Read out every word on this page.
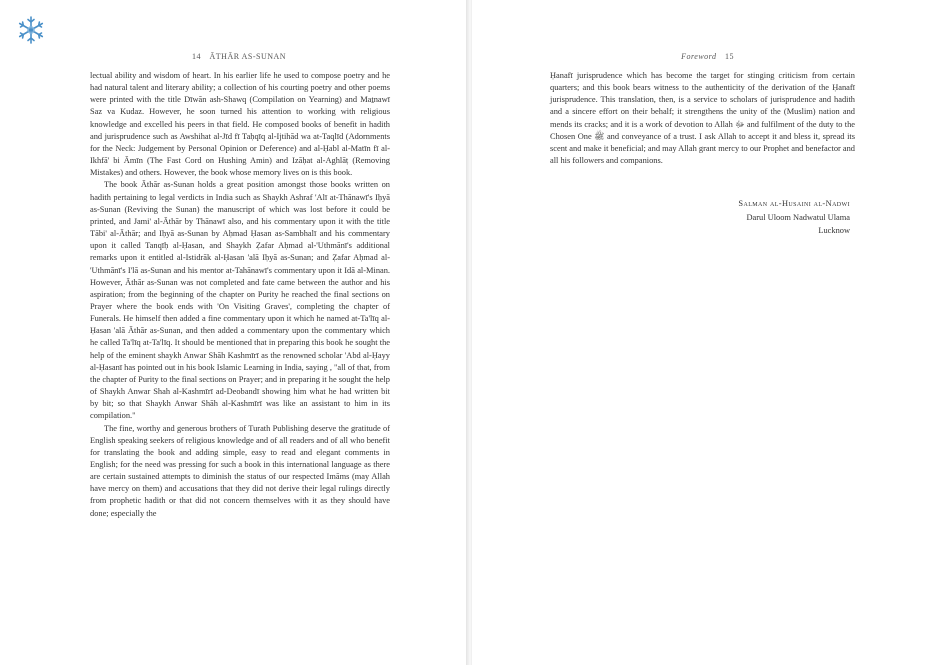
14 ĀTHĀR AS-SUNAN

lectual ability and wisdom of heart. In his earlier life he used to compose poetry and he had natural talent and literary ability; a collection of his courting poetry and other poems were printed with the title Dīwān ash-Shawq (Compilation on Yearning) and Maṯnawī Saz va Kudaz. However, he soon turned his attention to working with religious knowledge and excelled his peers in that field. He composed books of benefit in hadith and jurisprudence such as Awshihat al-Jīd fī Taḥqīq al-Ijtihād wa at-Taqlīd (Adornments for the Neck: Judgement by Personal Opinion or Deference) and al-Ḥabl al-Matīn fī al-Ikhfā' bi Āmīn (The Fast Cord on Hushing Amin) and Izāḥat al-Aghlāṭ (Removing Mistakes) and others. However, the book whose memory lives on is this book.

The book Āthār as-Sunan holds a great position amongst those books written on hadith pertaining to legal verdicts in India such as Shaykh Ashraf 'Alī at-Thānawī's Iḥyā as-Sunan (Reviving the Sunan) the manuscript of which was lost before it could be printed, and Jami' al-Āthār by Thānawī also, and his commentary upon it with the title Tābi' al-Āthār; and Iḥyā as-Sunan by Aḥmad Ḥasan as-Sambhalī and his commentary upon it called Tanqīḥ al-Ḥasan, and Shaykh Ẓafar Aḥmad al-'Uthmānī's additional remarks upon it entitled al-Istidrāk al-Ḥasan 'alā Iḥyā as-Sunan; and Ẓafar Aḥmad al-'Uthmānī's I'lā as-Sunan and his mentor at-Tahānawī's commentary upon it Idā al-Minan. However, Āthār as-Sunan was not completed and fate came between the author and his aspiration; from the beginning of the chapter on Purity he reached the final sections on Prayer where the book ends with 'On Visiting Graves', completing the chapter of Funerals. He himself then added a fine commentary upon it which he named at-Ta'līq al-Ḥasan 'alā Āthār as-Sunan, and then added a commentary upon the commentary which he called Ta'līq at-Ta'līq. It should be mentioned that in preparing this book he sought the help of the eminent shaykh Anwar Shāh Kashmīrī as the renowned scholar 'Abd al-Ḥayy al-Ḥasanī has pointed out in his book Islamic Learning in India, saying , "all of that, from the chapter of Purity to the final sections on Prayer; and in preparing it he sought the help of Shaykh Anwar Shah al-Kashmīrī ad-Deobandī showing him what he had written bit by bit; so that Shaykh Anwar Shāh al-Kashmīrī was like an assistant to him in its compilation."

The fine, worthy and generous brothers of Turath Publishing deserve the gratitude of English speaking seekers of religious knowledge and of all readers and of all who benefit for translating the book and adding simple, easy to read and elegant comments in English; for the need was pressing for such a book in this international language as there are certain sustained attempts to diminish the status of our respected Imāms (may Allah have mercy on them) and accusations that they did not derive their legal rulings directly from prophetic hadith or that did not concern themselves with it as they should have done; especially the

Foreword 15

Ḥanafī jurisprudence which has become the target for stinging criticism from certain quarters; and this book bears witness to the authenticity of the derivation of the Ḥanafī jurisprudence. This translation, then, is a service to scholars of jurisprudence and hadith and a sincere effort on their behalf; it strengthens the unity of the (Muslim) nation and mends its cracks; and it is a work of devotion to Allah ﷻ and fulfilment of the duty to the Chosen One ﷺ and conveyance of a trust. I ask Allah to accept it and bless it, spread its scent and make it beneficial; and may Allah grant mercy to our Prophet and benefactor and all his followers and companions.

Salman al-Husaini al-Nadwi
Darul Uloom Nadwatul Ulama
Lucknow
